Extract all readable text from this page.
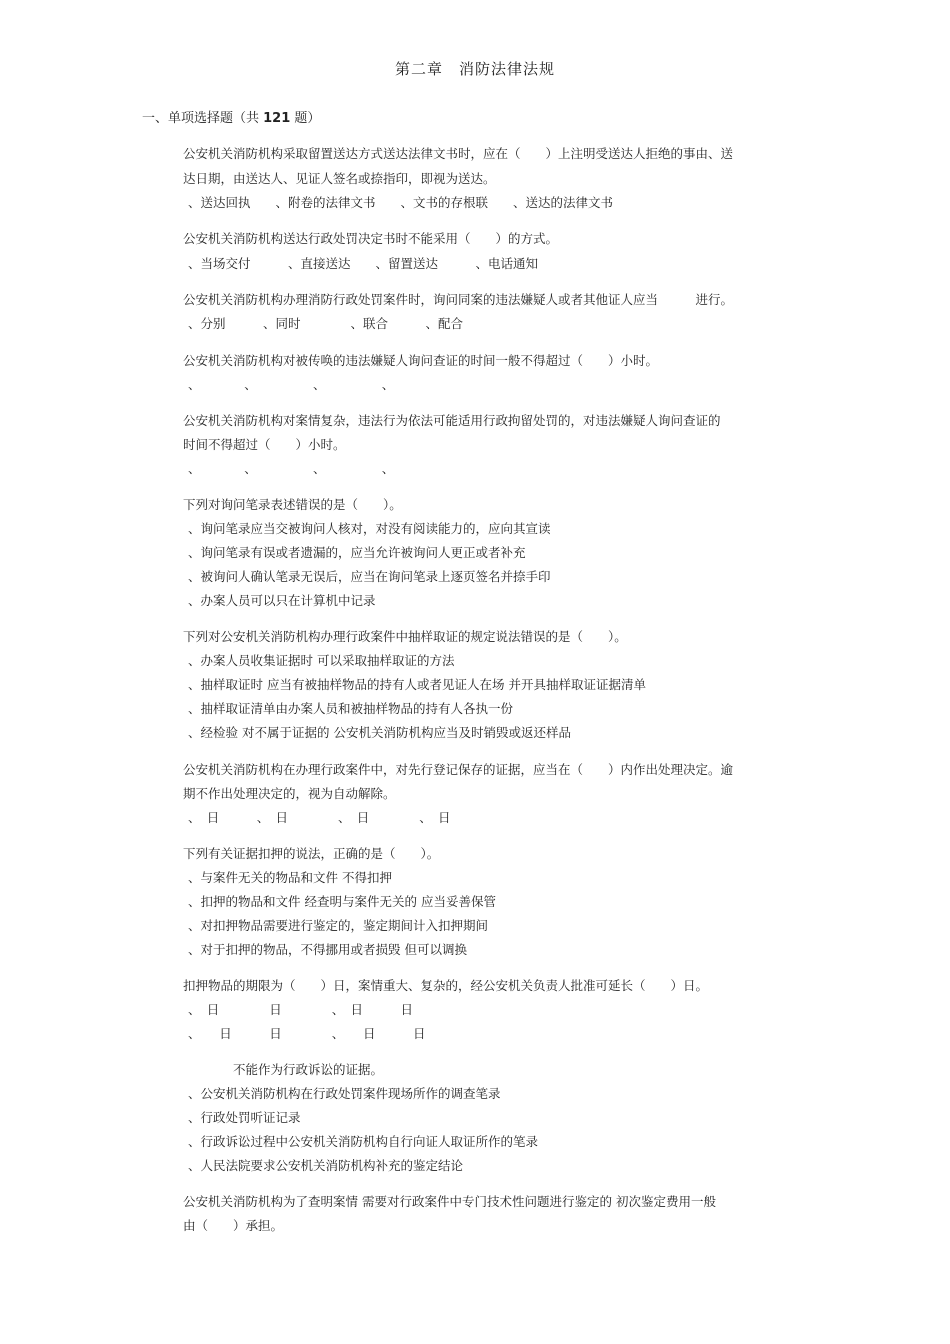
第二章　消防法律法规
一、单项选择题（共 121 题）
公安机关消防机构采取留置送达方式送达法律文书时，应在（　　）上注明受送达人拒绝的事由、送
达日期，由送达人、见证人签名或捺指印，即视为送达。
、送达回执　　、附卷的法律文书　　、文书的存根联　　、送达的法律文书
公安机关消防机构送达行政处罚决定书时不能采用（　　）的方式。
、当场交付　　　、直接送达　　、留置送达　　　、电话通知
公安机关消防机构办理消防行政处罚案件时，询问同案的违法嫌疑人或者其他证人应当　　　进行。
、分别　　　、同时　　　　、联合　　　、配合
公安机关消防机构对被传唤的违法嫌疑人询问查证的时间一般不得超过（　　）小时。
、　　　　、　　　　　、　　　　　、
公安机关消防机构对案情复杂，违法行为依法可能适用行政拘留处罚的，对违法嫌疑人询问查证的
时间不得超过（　　）小时。
、　　　　、　　　　　、　　　　　、
下列对询问笔录表述错误的是（　　）。
、询问笔录应当交被询问人核对，对没有阅读能力的，应向其宣读
、询问笔录有误或者遗漏的，应当允许被询问人更正或者补充
、被询问人确认笔录无误后，应当在询问笔录上逐页签名并捺手印
、办案人员可以只在计算机中记录
下列对公安机关消防机构办理行政案件中抽样取证的规定说法错误的是（　　）。
、办案人员收集证据时 可以采取抽样取证的方法
、抽样取证时 应当有被抽样物品的持有人或者见证人在场 并开具抽样取证证据清单
、抽样取证清单由办案人员和被抽样物品的持有人各执一份
、经检验 对不属于证据的 公安机关消防机构应当及时销毁或返还样品
公安机关消防机构在办理行政案件中，对先行登记保存的证据，应当在（　　）内作出处理决定。逾
期不作出处理决定的，视为自动解除。
、　日　　　、　日　　　　、　日　　　　、　日
下列有关证据扣押的说法，正确的是（　　）。
、与案件无关的物品和文件 不得扣押
、扣押的物品和文件 经查明与案件无关的 应当妥善保管
、对扣押物品需要进行鉴定的，鉴定期间计入扣押期间
、对于扣押的物品，不得挪用或者损毁 但可以调换
扣押物品的期限为（　　）日，案情重大、复杂的，经公安机关负责人批准可延长（　　）日。
、　日　　　　日　　　　、　日　　　日
、　　日　　　日　　　　、　　日　　　日
　　　　不能作为行政诉讼的证据。
、公安机关消防机构在行政处罚案件现场所作的调查笔录
、行政处罚听证记录
、行政诉讼过程中公安机关消防机构自行向证人取证所作的笔录
、人民法院要求公安机关消防机构补充的鉴定结论
公安机关消防机构为了查明案情 需要对行政案件中专门技术性问题进行鉴定的 初次鉴定费用一般
由（　　）承担。
